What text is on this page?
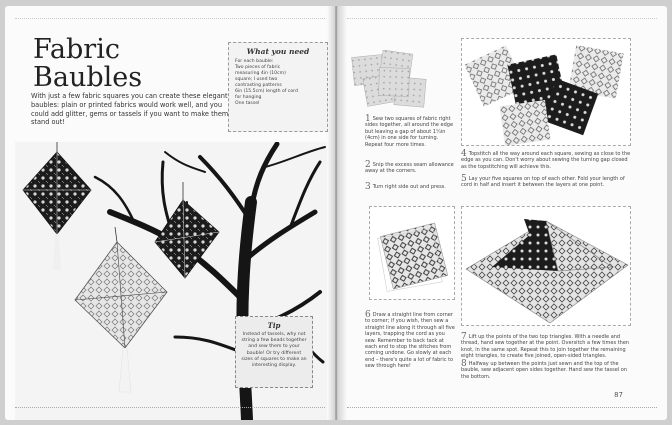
Fabric Baubles

With just a few fabric squares you can create these elegant baubles: plain or printed fabrics would work well, and you could add glitter, gems or tassels if you want to make them stand out!

What you need
For each bauble:
Two pieces of fabric
measuring 4in (10cm)
square; I used two
contrasting patterns
6in (15.5cm) length of cord
for hanging
One tassel
Tip
Instead of tassels, why not string a few beads together and sew them to your bauble! Or try different sizes of squares to make an interesting display.
1 Sew two squares of fabric right sides together, all around the edge but leaving a gap of about 1¼in (4cm) in one side for turning. Repeat four more times.
2 Snip the excess seam allowance away at the corners.
3 Turn right side out and press.
4 Topstitch all the way around each square, sewing as close to the edge as you can. Don't worry about sewing the turning gap closed as the topstitching will achieve this.
5 Lay your five squares on top of each other. Fold your length of cord in half and insert it between the layers at one point.
6 Draw a straight line from corner to corner; if you wish, then sew a straight line along it through all five layers, trapping the cord as you sew. Remember to back tack at each end to stop the stitches from coming undone. Go slowly at each end – there's quite a lot of fabric to sew through here!
7 Lift up the points of the two top triangles. With a needle and thread, hand sew together at the point. Oversitch a few times then knot, in the same spot. Repeat this to join together the remaining eight triangles, to create five joined, open-sided triangles.
8 Halfway up between the points just sewn and the top of the bauble, sew adjacent open sides together. Hand sew the tassel on the bottom.
87
